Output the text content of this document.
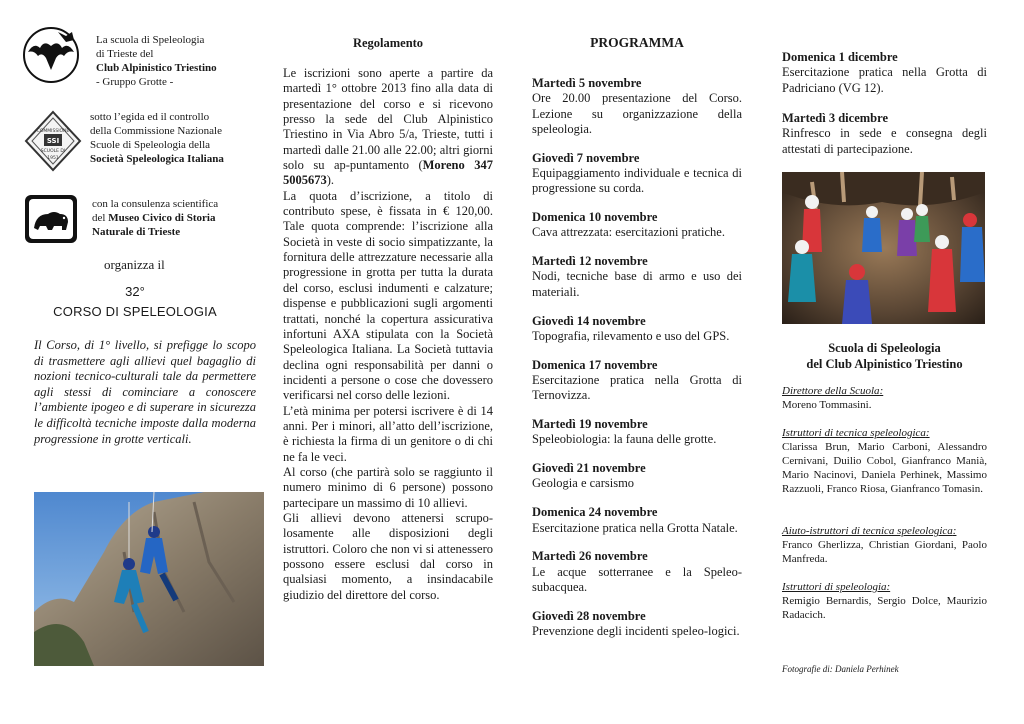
La scuola di Speleologia
di Trieste del
Club Alpinistico Triestino
- Gruppo Grotte -
COMMISSIONE
SSI
SCUOLE DI
1951
sotto l’egida ed il controllo
della Commissione Nazionale
Scuole di Speleologia della
Società Speleologica Italiana
con la consulenza scientifica
del Museo Civico di Storia
Naturale di Trieste
organizza il
32°
CORSO DI SPELEOLOGIA

Il Corso, di 1° livello, si prefigge lo scopo di trasmettere agli allievi quel bagaglio di nozioni tecnico-culturali tale da permettere agli stessi di cominciare a conoscere l’ambiente ipogeo e di superare in sicurezza le difficoltà tecniche imposte dalla moderna progressione in grotte verticali.

Regolamento

Le iscrizioni sono aperte a partire da martedì 1° ottobre 2013 fino alla data di presentazione del corso e si ricevono presso la sede del Club Alpinistico Triestino in Via Abro 5/a, Trieste, tutti i martedì dalle 21.00 alle 22.00; altri giorni solo su ap-puntamento (Moreno 347 5005673).

La quota d’iscrizione, a titolo di contributo spese, è fissata in € 120,00. Tale quota comprende: l’iscrizione alla Società in veste di socio simpatizzante, la fornitura delle attrezzature necessarie alla progressione in grotta per tutta la durata del corso, esclusi indumenti e calzature; dispense e pubblicazioni sugli argomenti trattati, nonché la copertura assicurativa infortuni AXA stipulata con la Società Speleologica Italiana. La Società tuttavia declina ogni responsabilità per danni o incidenti a persone o cose che dovessero verificarsi nel corso delle lezioni.

L’età minima per potersi iscrivere è di 14 anni. Per i minori, all’atto dell’iscrizione, è richiesta la firma di un genitore o di chi ne fa le veci.

Al corso (che partirà solo se raggiunto il numero minimo di 6 persone) possono partecipare un massimo di 10 allievi.

Gli allievi devono attenersi scrupo-losamente alle disposizioni degli istruttori. Coloro che non vi si attenessero possono essere esclusi dal corso in qualsiasi momento, a insindacabile giudizio del direttore del corso.

PROGRAMMA
Martedì 5 novembre
Ore 20.00 presentazione del Corso. Lezione su organizzazione della speleologia.
Giovedì 7 novembre
Equipaggiamento individuale e tecnica di progressione su corda.
Domenica 10 novembre
Cava attrezzata: esercitazioni pratiche.
Martedì 12 novembre
Nodi, tecniche base di armo e uso dei materiali.
Giovedì 14 novembre
Topografia, rilevamento e uso del GPS.
Domenica 17 novembre
Esercitazione pratica nella Grotta di Ternovizza.
Martedì 19 novembre
Speleobiologia: la fauna delle grotte.
Giovedì 21 novembre
Geologia e carsismo
Domenica 24 novembre
Esercitazione pratica nella Grotta Natale.
Martedì 26 novembre
Le acque sotterranee e la Speleo-subacquea.
Giovedì 28 novembre
Prevenzione degli incidenti speleo-logici.
Domenica 1 dicembre
Esercitazione pratica nella Grotta di Padriciano (VG 12).
Martedì 3 dicembre
Rinfresco in sede e consegna degli attestati di partecipazione.
Scuola di Speleologia
del Club Alpinistico Triestino
Direttore della Scuola:
Moreno Tommasini.
Istruttori di tecnica speleologica:
Clarissa Brun, Mario Carboni, Alessandro Cernivani, Duilio Cobol, Gianfranco Manià, Mario Nacinovi, Daniela Perhinek, Massimo Razzuoli, Franco Riosa, Gianfranco Tomasin.
Aiuto-istruttori di tecnica speleologica:
Franco Gherlizza, Christian Giordani, Paolo Manfreda.
Istruttori di speleologia:
Remigio Bernardis, Sergio Dolce, Maurizio Radacich.
Fotografie di: Daniela Perhinek
